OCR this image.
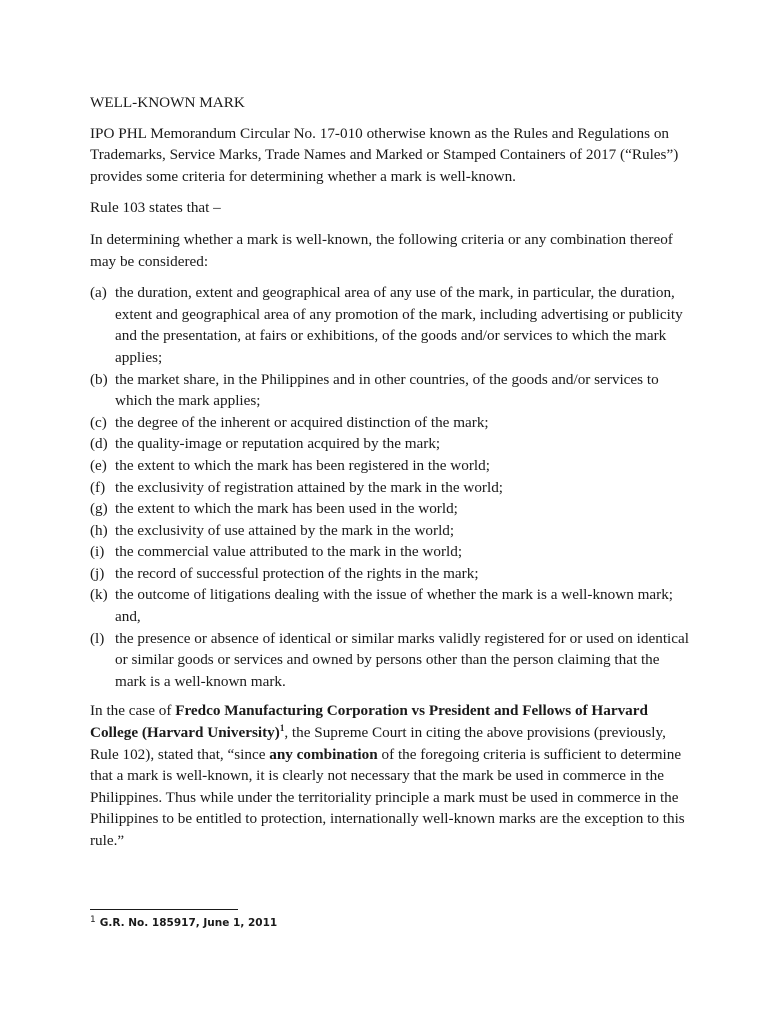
WELL-KNOWN MARK

IPO PHL Memorandum Circular No. 17-010 otherwise known as the Rules and Regulations on Trademarks, Service Marks, Trade Names and Marked or Stamped Containers of 2017 (“Rules”) provides some criteria for determining whether a mark is well-known.

Rule 103 states that –

In determining whether a mark is well-known, the following criteria or any combination thereof may be considered:

(a) the duration, extent and geographical area of any use of the mark, in particular, the duration, extent and geographical area of any promotion of the mark, including advertising or publicity and the presentation, at fairs or exhibitions, of the goods and/or services to which the mark applies;
(b) the market share, in the Philippines and in other countries, of the goods and/or services to which the mark applies;
(c) the degree of the inherent or acquired distinction of the mark;
(d) the quality-image or reputation acquired by the mark;
(e) the extent to which the mark has been registered in the world;
(f) the exclusivity of registration attained by the mark in the world;
(g) the extent to which the mark has been used in the world;
(h) the exclusivity of use attained by the mark in the world;
(i) the commercial value attributed to the mark in the world;
(j) the record of successful protection of the rights in the mark;
(k) the outcome of litigations dealing with the issue of whether the mark is a well-known mark; and,
(l) the presence or absence of identical or similar marks validly registered for or used on identical or similar goods or services and owned by persons other than the person claiming that the mark is a well-known mark.

In the case of Fredco Manufacturing Corporation vs President and Fellows of Harvard College (Harvard University)$^1$, the Supreme Court in citing the above provisions (previously, Rule 102), stated that, “since any combination of the foregoing criteria is sufficient to determine that a mark is well-known, it is clearly not necessary that the mark be used in commerce in the Philippines. Thus while under the territoriality principle a mark must be used in commerce in the Philippines to be entitled to protection, internationally well-known marks are the exception to this rule.”

$^1$ G.R. No. 185917, June 1, 2011
